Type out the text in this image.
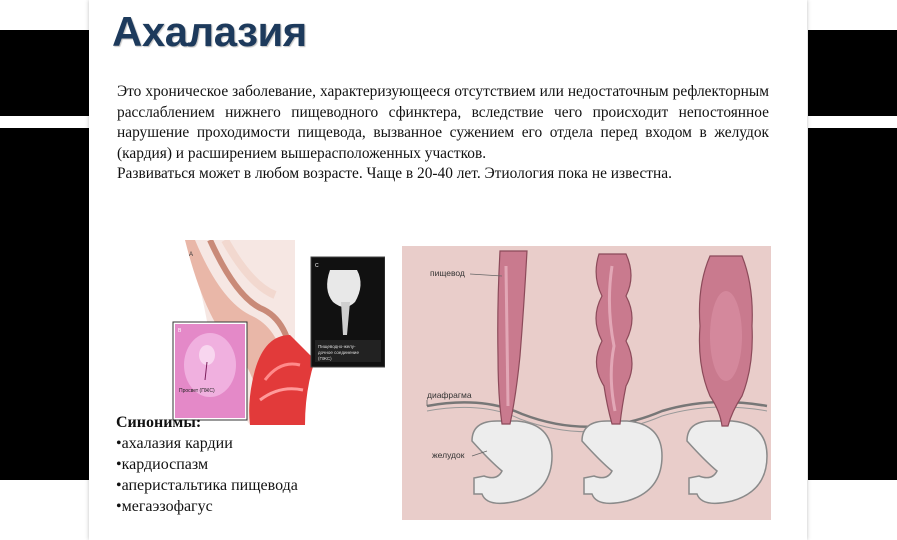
Ахалазия

Это хроническое заболевание, характеризующееся отсутствием или недостаточным рефлекторным расслаблением нижнего пищеводного сфинктера, вследствие чего происходит непостоянное нарушение проходимости пищевода, вызванное сужением его отдела перед входом в желудок (кардия) и расширением вышерасположенных участков.

Развиваться может в любом возрасте. Чаще в 20-40 лет. Этиология пока не известна.

А
В
Просвет (ПЖС)
С
Пищеводно-желу-
дочное соединение
(ПЖС)
пищевод
диафрагма
желудок
Синонимы:
•ахалазия кардии
•кардиоспазм
•апериcтальтика пищевода
•мегаэзофагус
